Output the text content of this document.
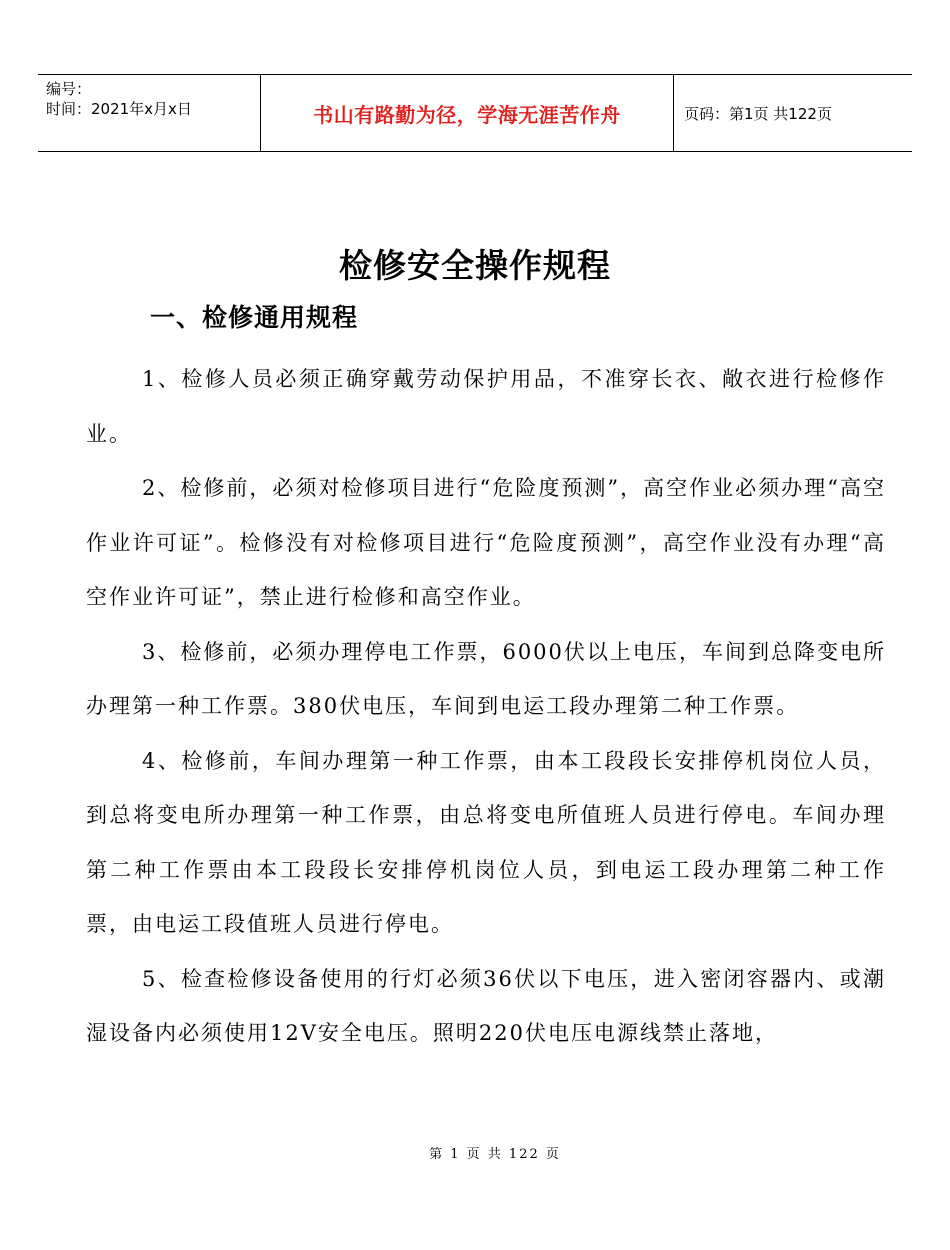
编号：
时间：2021年x月x日	书山有路勤为径，学海无涯苦作舟	页码：第1页 共122页
检修安全操作规程
一、检修通用规程

1、检修人员必须正确穿戴劳动保护用品，不准穿长衣、敞衣进行检修作业。

2、检修前，必须对检修项目进行“危险度预测”，高空作业必须办理“高空作业许可证”。检修没有对检修项目进行“危险度预测”，高空作业没有办理“高空作业许可证”，禁止进行检修和高空作业。

3、检修前，必须办理停电工作票，6000伏以上电压，车间到总降变电所办理第一种工作票。380伏电压，车间到电运工段办理第二种工作票。

4、检修前，车间办理第一种工作票，由本工段段长安排停机岗位人员，到总将变电所办理第一种工作票，由总将变电所值班人员进行停电。车间办理第二种工作票由本工段段长安排停机岗位人员，到电运工段办理第二种工作票，由电运工段值班人员进行停电。

5、检查检修设备使用的行灯必须36伏以下电压，进入密闭容器内、或潮湿设备内必须使用12V安全电压。照明220伏电压电源线禁止落地，

第 1 页 共 122 页
